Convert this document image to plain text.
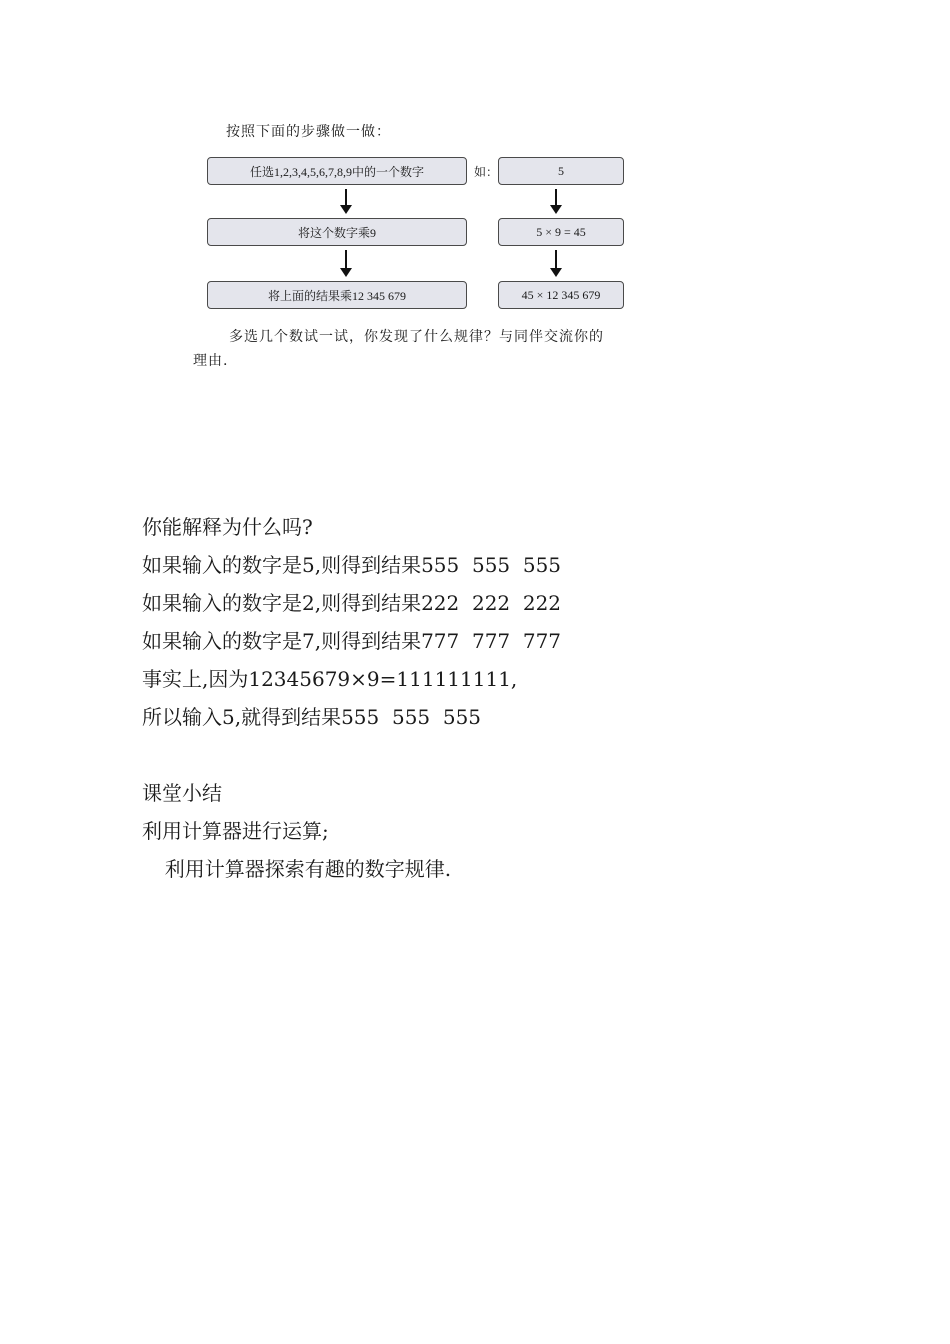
按照下面的步骤做一做：
任选1,2,3,4,5,6,7,8,9中的一个数字	如：	5
将这个数字乘9	5 × 9 = 45
将上面的结果乘12 345 679	45 × 12 345 679
多选几个数试一试，你发现了什么规律？与同伴交流你的
理由.
你能解释为什么吗?
如果输入的数字是5,则得到结果555  555  555
如果输入的数字是2,则得到结果222  222  222
如果输入的数字是7,则得到结果777  777  777
事实上,因为12345679×9=111111111,
所以输入5,就得到结果555  555  555
课堂小结
利用计算器进行运算;
利用计算器探索有趣的数字规律.
